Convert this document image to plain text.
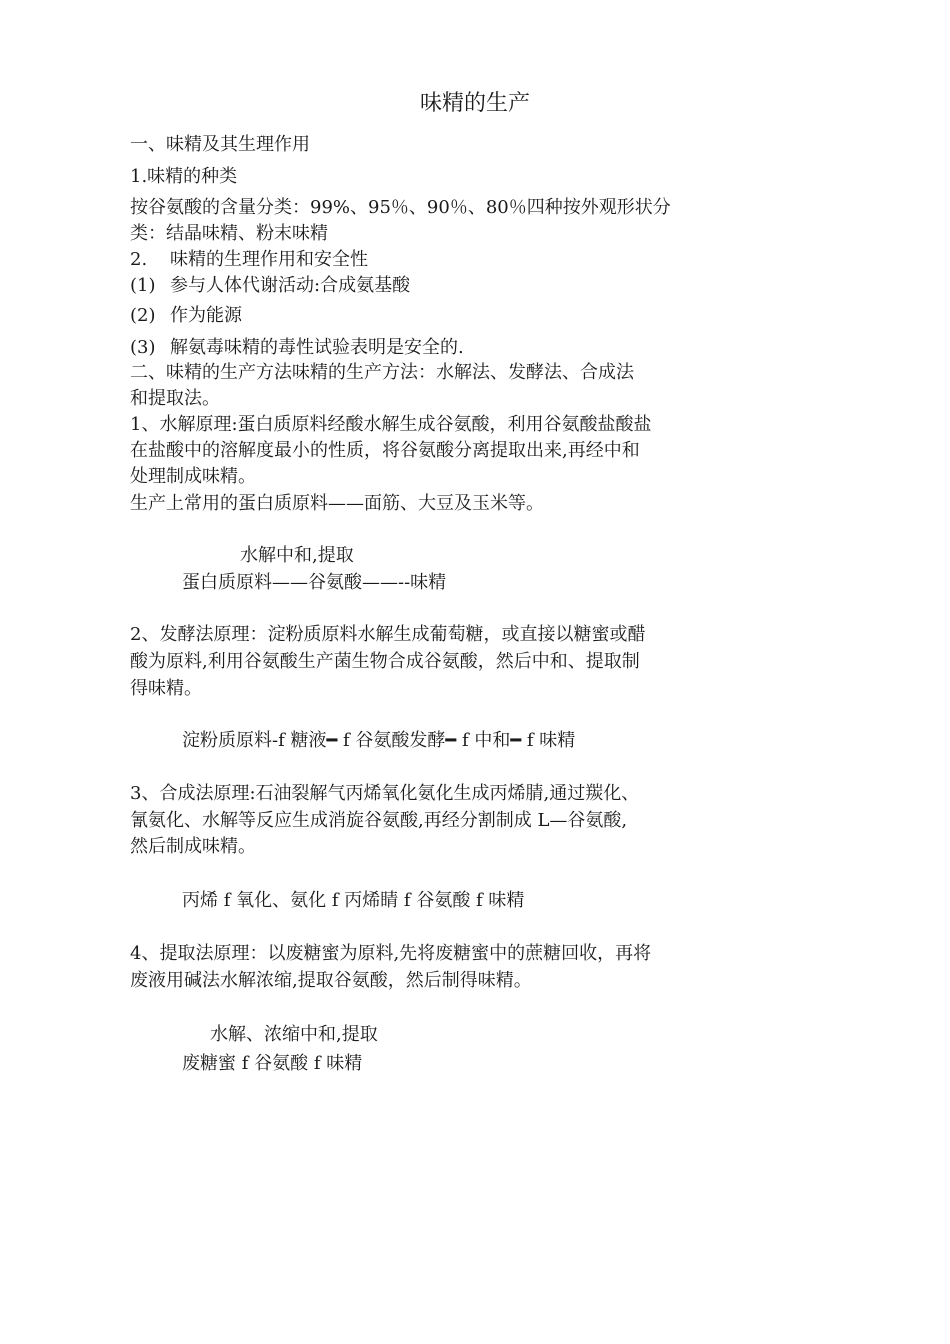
味精的生产
一、味精及其生理作用
1.味精的种类
按谷氨酸的含量分类：99%、95％、90％、80％四种按外观形状分
类：结晶味精、粉末味精
2. 味精的生理作用和安全性
(1) 参与人体代谢活动:合成氨基酸
(2) 作为能源
(3) 解氨毒味精的毒性试验表明是安全的.
二、味精的生产方法味精的生产方法：水解法、发酵法、合成法
和提取法。
1、水解原理:蛋白质原料经酸水解生成谷氨酸，利用谷氨酸盐酸盐
在盐酸中的溶解度最小的性质，将谷氨酸分离提取出来,再经中和
处理制成味精。
生产上常用的蛋白质原料——面筋、大豆及玉米等。
水解中和,提取
蛋白质原料——谷氨酸——--味精
2、发酵法原理：淀粉质原料水解生成葡萄糖，或直接以糖蜜或醋
酸为原料,利用谷氨酸生产菌生物合成谷氨酸，然后中和、提取制
得味精。
淀粉质原料-f 糖液━ f 谷氨酸发酵━ f 中和━ f 味精
3、合成法原理:石油裂解气丙烯氧化氨化生成丙烯腈,通过羰化、
氰氨化、水解等反应生成消旋谷氨酸,再经分割制成 L—谷氨酸,
然后制成味精。
丙烯 f 氧化、氨化 f 丙烯睛 f 谷氨酸 f 味精
4、提取法原理：以废糖蜜为原料,先将废糖蜜中的蔗糖回收，再将
废液用碱法水解浓缩,提取谷氨酸，然后制得味精。
水解、浓缩中和,提取
废糖蜜 f 谷氨酸 f 味精
